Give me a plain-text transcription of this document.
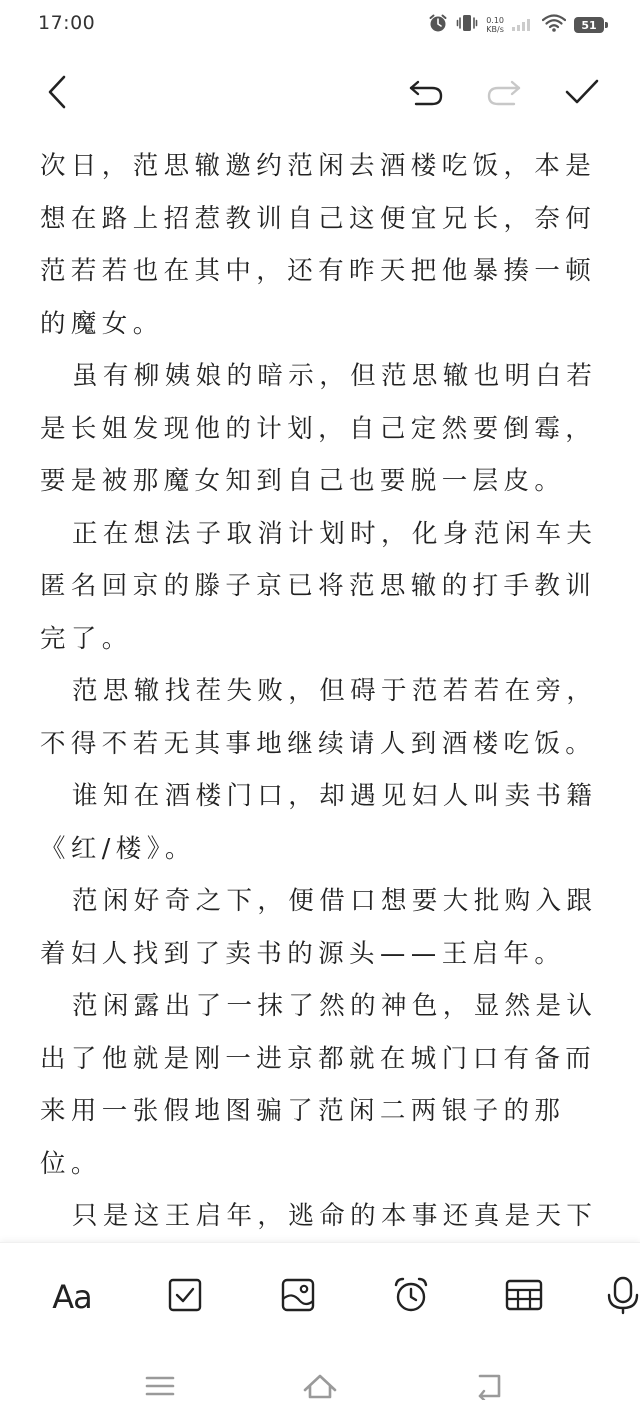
17:00	0.10
KB/s	51

次日，范思辙邀约范闲去酒楼吃饭，本是想在路上招惹教训自己这便宜兄长，奈何范若若也在其中，还有昨天把他暴揍一顿的魔女。

虽有柳姨娘的暗示，但范思辙也明白若是长姐发现他的计划，自己定然要倒霉，要是被那魔女知到自己也要脱一层皮。

正在想法子取消计划时，化身范闲车夫匿名回京的滕子京已将范思辙的打手教训完了。

范思辙找茬失败，但碍于范若若在旁，不得不若无其事地继续请人到酒楼吃饭。

谁知在酒楼门口，却遇见妇人叫卖书籍《红/楼》。

范闲好奇之下，便借口想要大批购入跟着妇人找到了卖书的源头——王启年。

范闲露出了一抹了然的神色，显然是认出了他就是刚一进京都就在城门口有备而来用一张假地图骗了范闲二两银子的那位。

只是这王启年，逃命的本事还真是天下

Aa
